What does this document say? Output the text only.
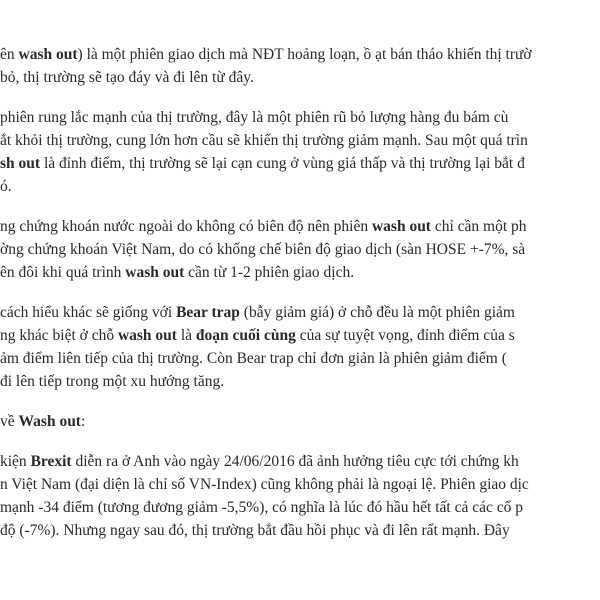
ên wash out) là một phiên giao dịch mà NĐT hoảng loạn, ồ ạt bán tháo khiến thị trườ
bỏ, thị trường sẽ tạo đáy và đi lên từ đây.
phiên rung lắc mạnh của thị trường, đây là một phiên rũ bỏ lượng hàng đu bám cù
ắt khỏi thị trường, cung lớn hơn cầu sẽ khiến thị trường giảm mạnh. Sau một quá trìn
sh out là đỉnh điểm, thị trường sẽ lại cạn cung ở vùng giá thấp và thị trường lại bắt đ
ó.
ng chứng khoán nước ngoài do không có biên độ nên phiên wash out chỉ cần một ph
ờng chứng khoán Việt Nam, do có khống chế biên độ giao dịch (sàn HOSE +-7%, sà
ên đôi khi quá trình wash out cần từ 1-2 phiên giao dịch.
cách hiểu khác sẽ giống với Bear trap (bẫy giảm giá) ở chỗ đều là một phiên giảm
ng khác biệt ở chỗ wash out là đoạn cuối cùng của sự tuyệt vọng, đỉnh điểm của s
ảm điểm liên tiếp của thị trường. Còn Bear trap chỉ đơn giản là phiên giảm điểm (
đi lên tiếp trong một xu hướng tăng.
về Wash out:
kiện Brexit diễn ra ở Anh vào ngày 24/06/2016 đã ảnh hưởng tiêu cực tới chứng kh
n Việt Nam (đại diện là chỉ số VN-Index) cũng không phải là ngoại lệ. Phiên giao dịc
mạnh -34 điểm (tương đương giảm -5,5%), có nghĩa là lúc đó hầu hết tất cả các cổ p
độ (-7%). Nhưng ngay sau đó, thị trường bắt đầu hồi phục và đi lên rất mạnh. Đây
